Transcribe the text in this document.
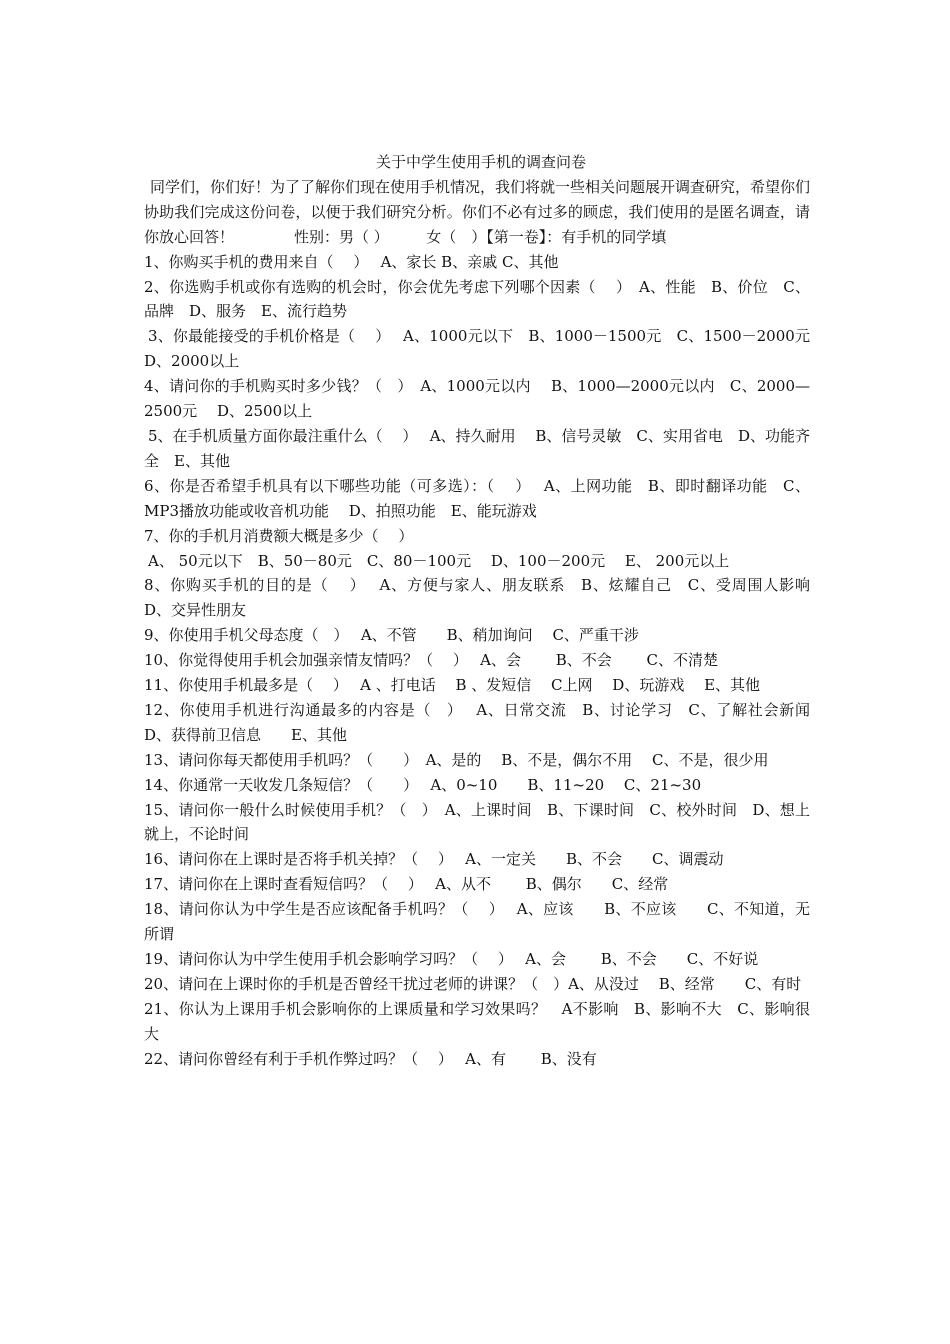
关于中学生使用手机的调查问卷

同学们，你们好！为了了解你们现在使用手机情况，我们将就一些相关问题展开调查研究，希望你们协助我们完成这份问卷，以便于我们研究分析。你们不必有过多的顾虑，我们使用的是匿名调查，请你放心回答！　　　　性别：男（ ）　　　女（　）【第一卷】：有手机的同学填

1、你购买手机的费用来自（　 ）　 A、家长 B、亲戚 C、其他

2、你选购手机或你有选购的机会时，你会优先考虑下列哪个因素（　 ）　A、性能　B、价位　C、品牌　D、服务　E、流行趋势

3、你最能接受的手机价格是（　 ）　 A、1000元以下　B、1000－1500元　C、1500－2000元　D、2000以上

4、请问你的手机购买时多少钱？（　）　A、1000元以内　 B、1000—2000元以内　C、2000—2500元　 D、2500以上

5、在手机质量方面你最注重什么（　 ）　 A、持久耐用　 B、信号灵敏　C、实用省电　D、功能齐全　E、其他

6、你是否希望手机具有以下哪些功能（可多选）：（　 ）　 A、上网功能　B、即时翻译功能　C、MP3播放功能或收音机功能　 D、拍照功能　E、能玩游戏

7、你的手机月消费额大概是多少（　 ）

A、 50元以下　B、50－80元　C、80－100元　 D、100－200元　 E、 200元以上

8、你购买手机的目的是（　 ）　 A、方便与家人、朋友联系　B、炫耀自己　C、受周围人影响　D、交异性朋友

9、你使用手机父母态度（　）　 A、不管　　B、稍加询问　 C、严重干涉

10、你觉得使用手机会加强亲情友情吗？（　 ）　 A、会　　 B、不会　　 C、不清楚

11、你使用手机最多是（　 ）　 A 、打电话　 B 、发短信　 C上网　 D、玩游戏　 E、其他

12、你使用手机进行沟通最多的内容是（　）　 A、日常交流　B、讨论学习　C、了解社会新闻　 D、获得前卫信息　　E、其他

13、请问你每天都使用手机吗？（　　）　A、是的　 B、不是，偶尔不用　 C、不是，很少用

14、你通常一天收发几条短信？（　　）　 A、0~10　　B、11~20　 C、21~30

15、请问你一般什么时候使用手机？（　）　A、上课时间　B、下课时间　C、校外时间　D、想上就上，不论时间

16、请问你在上课时是否将手机关掉？（　 ）　 A、一定关　　B、不会　　C、调震动

17、请问你在上课时查看短信吗？（　 ）　 A、从不　　 B、偶尔　　C、经常

18、请问你认为中学生是否应该配备手机吗？（　 ）　 A、应该　　B、不应该　　C、不知道，无所谓

19、请问你认为中学生使用手机会影响学习吗？（　 ）　 A、会　　 B、不会　　C、不好说

20、请问在上课时你的手机是否曾经干扰过老师的讲课？（　）A、从没过　 B、经常　　C、有时

21、你认为上课用手机会影响你的上课质量和学习效果吗？　A不影响　B、影响不大　C、影响很大

22、请问你曾经有利于手机作弊过吗？（　 ）　 A、有　　 B、没有
